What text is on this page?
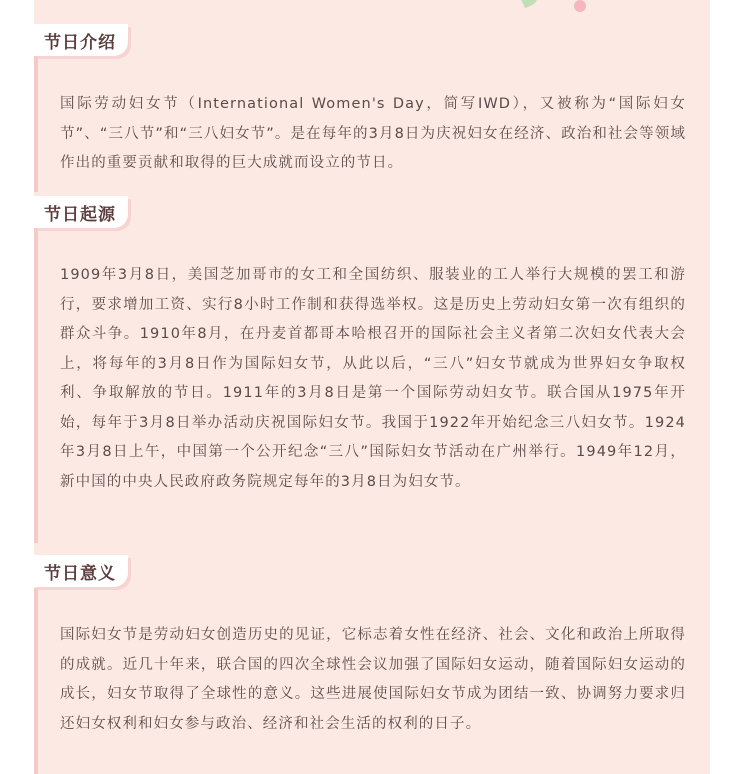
节日介绍

国际劳动妇女节（International Women's Day，简写IWD），又被称为“国际妇女节”、“三八节”和“三八妇女节”。是在每年的3月8日为庆祝妇女在经济、政治和社会等领域作出的重要贡献和取得的巨大成就而设立的节日。

节日起源

1909年3月8日，美国芝加哥市的女工和全国纺织、服装业的工人举行大规模的罢工和游行，要求增加工资、实行8小时工作制和获得选举权。这是历史上劳动妇女第一次有组织的群众斗争。1910年8月，在丹麦首都哥本哈根召开的国际社会主义者第二次妇女代表大会上，将每年的3月8日作为国际妇女节，从此以后，“三八”妇女节就成为世界妇女争取权利、争取解放的节日。1911年的3月8日是第一个国际劳动妇女节。联合国从1975年开始，每年于3月8日举办活动庆祝国际妇女节。我国于1922年开始纪念三八妇女节。1924年3月8日上午，中国第一个公开纪念“三八”国际妇女节活动在广州举行。1949年12月，新中国的中央人民政府政务院规定每年的3月8日为妇女节。

节日意义

国际妇女节是劳动妇女创造历史的见证，它标志着女性在经济、社会、文化和政治上所取得的成就。近几十年来，联合国的四次全球性会议加强了国际妇女运动，随着国际妇女运动的成长，妇女节取得了全球性的意义。这些进展使国际妇女节成为团结一致、协调努力要求归还妇女权利和妇女参与政治、经济和社会生活的权利的日子。
